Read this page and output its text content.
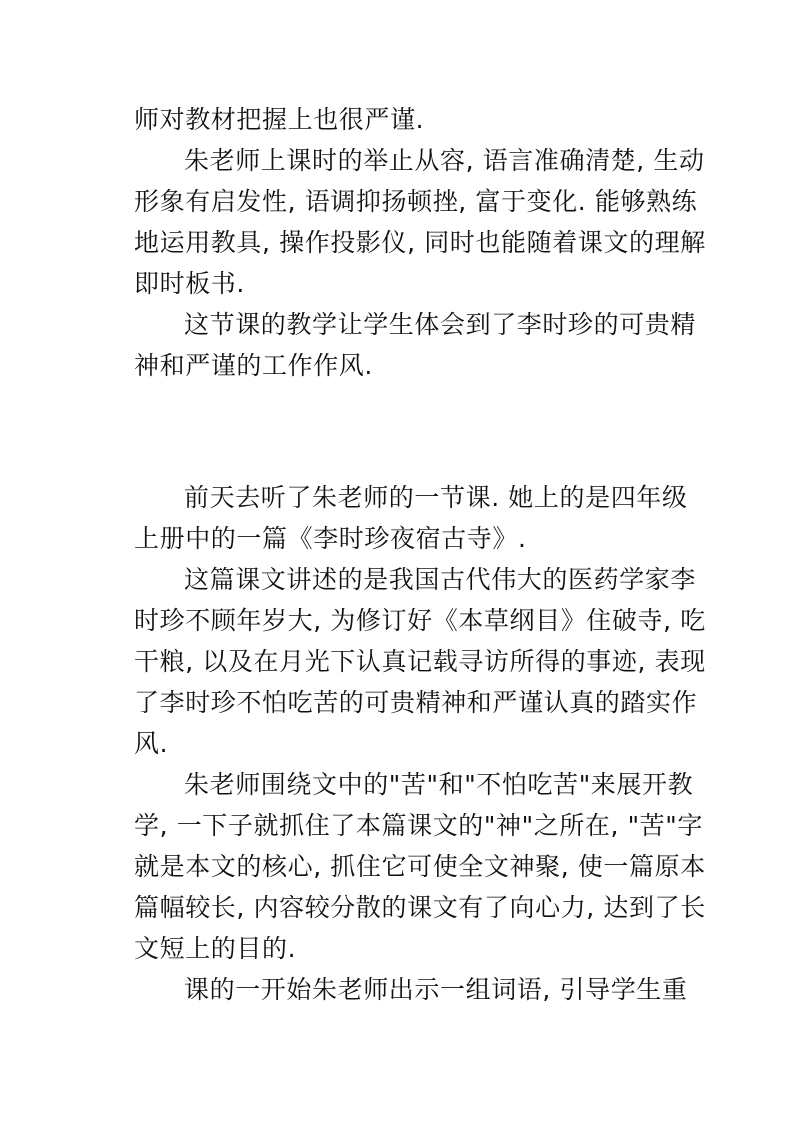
师对教材把握上也很严谨.
朱老师上课时的举止从容, 语言准确清楚, 生动
形象有启发性, 语调抑扬顿挫, 富于变化. 能够熟练
地运用教具, 操作投影仪, 同时也能随着课文的理解
即时板书.
这节课的教学让学生体会到了李时珍的可贵精
神和严谨的工作作风.
前天去听了朱老师的一节课. 她上的是四年级
上册中的一篇《李时珍夜宿古寺》.
这篇课文讲述的是我国古代伟大的医药学家李
时珍不顾年岁大, 为修订好《本草纲目》住破寺, 吃
干粮, 以及在月光下认真记载寻访所得的事迹, 表现
了李时珍不怕吃苦的可贵精神和严谨认真的踏实作
风.
朱老师围绕文中的"苦"和"不怕吃苦"来展开教
学, 一下子就抓住了本篇课文的"神"之所在, "苦"字
就是本文的核心, 抓住它可使全文神聚, 使一篇原本
篇幅较长, 内容较分散的课文有了向心力, 达到了长
文短上的目的.
课的一开始朱老师出示一组词语, 引导学生重
